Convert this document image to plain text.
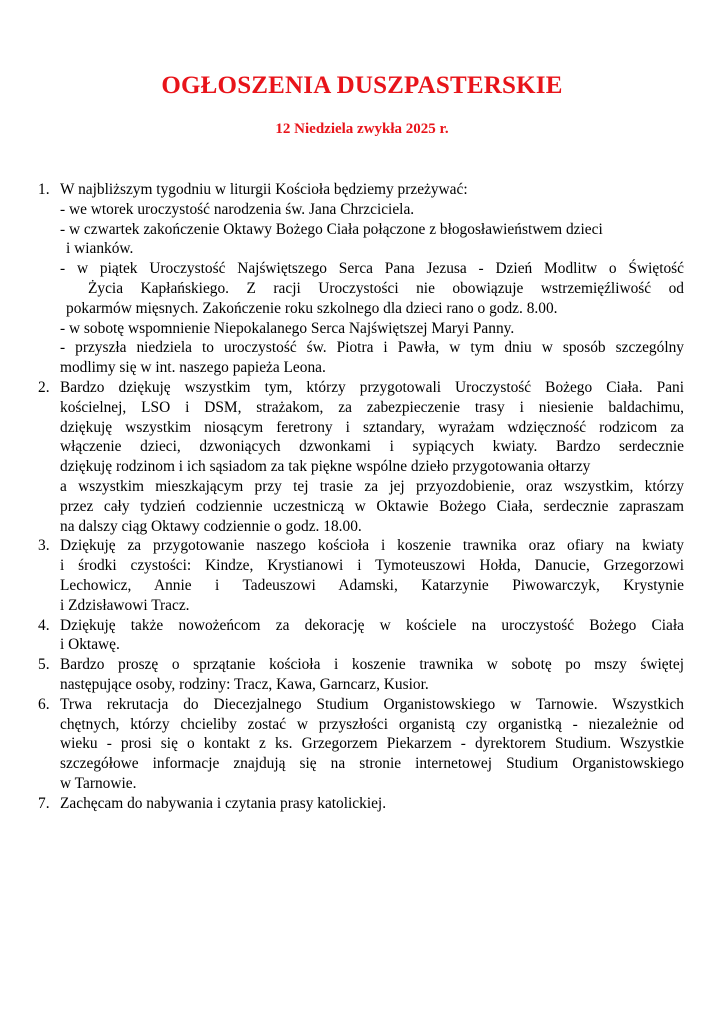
OGŁOSZENIA DUSZPASTERSKIE
12 Niedziela zwykła 2025 r.
1. W najbliższym tygodniu w liturgii Kościoła będziemy przeżywać:
- we wtorek uroczystość narodzenia św. Jana Chrzciciela.
- w czwartek zakończenie Oktawy Bożego Ciała połączone z błogosławieństwem dzieci
i wianków.
- w piątek Uroczystość Najświętszego Serca Pana Jezusa - Dzień Modlitw o Świętość
Życia Kapłańskiego. Z racji Uroczystości nie obowiązuje wstrzemięźliwość od
pokarmów mięsnych. Zakończenie roku szkolnego dla dzieci rano o godz. 8.00.
- w sobotę wspomnienie Niepokalanego Serca Najświętszej Maryi Panny.
- przyszła niedziela to uroczystość św. Piotra i Pawła, w tym dniu w sposób szczególny
modlimy się w int. naszego papieża Leona.
2. Bardzo dziękuję wszystkim tym, którzy przygotowali Uroczystość Bożego Ciała. Pani
kościelnej, LSO i DSM, strażakom, za zabezpieczenie trasy i niesienie baldachimu,
dziękuję wszystkim niosącym feretrony i sztandary, wyrażam wdzięczność rodzicom za
włączenie dzieci, dzwoniących dzwonkami i sypiących kwiaty. Bardzo serdecznie
dziękuję rodzinom i ich sąsiadom za tak piękne wspólne dzieło przygotowania ołtarzy
a wszystkim mieszkającym przy tej trasie za jej przyozdobienie, oraz wszystkim, którzy
przez cały tydzień codziennie uczestniczą w Oktawie Bożego Ciała, serdecznie zapraszam
na dalszy ciąg Oktawy codziennie o godz. 18.00.
3. Dziękuję za przygotowanie naszego kościoła i koszenie trawnika oraz ofiary na kwiaty
i środki czystości: Kindze, Krystianowi i Tymoteuszowi Hołda, Danucie, Grzegorzowi
Lechowicz, Annie i Tadeuszowi Adamski, Katarzynie Piwowarczyk, Krystynie
i Zdzisławowi Tracz.
4. Dziękuję także nowożeńcom za dekorację w kościele na uroczystość Bożego Ciała
i Oktawę.
5. Bardzo proszę o sprzątanie kościoła i koszenie trawnika w sobotę po mszy świętej
następujące osoby, rodziny: Tracz, Kawa, Garncarz, Kusior.
6. Trwa rekrutacja do Diecezjalnego Studium Organistowskiego w Tarnowie. Wszystkich
chętnych, którzy chcieliby zostać w przyszłości organistą czy organistką - niezależnie od
wieku - prosi się o kontakt z ks. Grzegorzem Piekarzem - dyrektorem Studium. Wszystkie
szczegółowe informacje znajdują się na stronie internetowej Studium Organistowskiego
w Tarnowie.
7. Zachęcam do nabywania i czytania prasy katolickiej.
